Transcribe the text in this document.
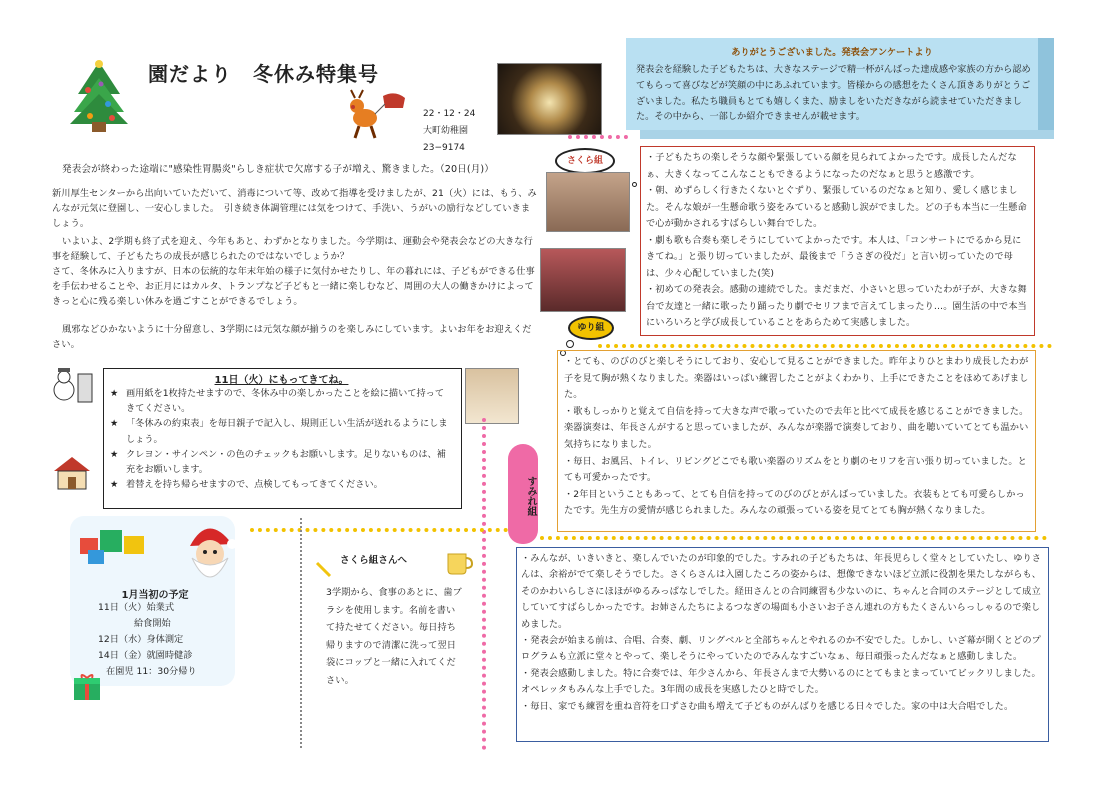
園だより　冬休み特集号
22・12・24
大町幼稚園
23−9174
ありがとうございました。発表会アンケートより
発表会を経験した子どもたちは、大きなステージで精一杯がんばった達成感や家族の方から認めてもらって喜びなどが笑顔の中にあふれています。皆様からの感想をたくさん頂きありがとうございました。私たち職員もとても嬉しくまた、励ましをいただきながら読ませていただきました。その中から、一部しか紹介できませんが載せます。
発表会が終わった途端に"感染性胃腸炎"らしき症状で欠席する子が増え、驚きました。（20日(月)）
新川厚生センターから出向いていただいて、消毒について等、改めて指導を受けましたが、21（火）には、もう、みんなが元気に登園し、一安心しました。　引き続き体調管理には気をつけて、手洗い、うがいの励行などしていきましょう。
いよいよ、2学期も終了式を迎え、今年もあと、わずかとなりました。今学期は、運動会や発表会などの大きな行事を経験して、子どもたちの成長が感じられたのではないでしょうか？
さて、冬休みに入りますが、日本の伝統的な年末年始の様子に気付かせたりし、年の暮れには、子どもができる仕事を手伝わせることや、お正月にはカルタ、トランプなど子どもと一緒に楽しむなど、周囲の大人の働きかけによってきっと心に残る楽しい休みを過ごすことができるでしょう。
風邪などひかないように十分留意し、3学期には元気な顔が揃うのを楽しみにしています。よいお年をお迎えください。
11日（火）にもってきてね。
★ 画用紙を1枚持たせますので、冬休み中の楽しかったことを絵に描いて持ってきてください。
★ 「冬休みの約束表」を毎日親子で記入し、規則正しい生活が送れるようにしましょう。
★ クレヨン・サインペン・の色のチェックもお願いします。足りないものは、補充をお願いします。
★ 着替えを持ち帰らせますので、点検してもってきてください。
1月当初の予定
11日（火）始業式
給食開始
12日（水）身体測定
14日（金）就園時健診
在園児 11：30分帰り
さくら組さんへ
3学期から、食事のあとに、歯ブラシを使用します。名前を書いて持たせてください。毎日持ち帰りますので清潔に洗って翌日袋にコップと一緒に入れてください。
さくら組	・子どもたちの楽しそうな顔や緊張している顔を見られてよかったです。成長したんだなぁ、大きくなってこんなこともできるようになったのだなぁと思うと感激です。
・朝、めずらしく行きたくないとぐずり、緊張しているのだなぁと知り、愛しく感じました。そんな娘が一生懸命歌う姿をみていると感動し涙がでました。どの子も本当に一生懸命で心が動かされるすばらしい舞台でした。
・劇も歌も合奏も楽しそうにしていてよかったです。本人は、「コンサートにでるから見にきてね。」と張り切っていましたが、最後まで「うさぎの役だ」と言い切っていたので母は、少々心配していました(笑)
・初めての発表会。感動の連続でした。まだまだ、小さいと思っていたわが子が、大きな舞台で友達と一緒に歌ったり踊ったり劇でセリフまで言えてしまったり…。園生活の中で本当にいろいろと学び成長していることをあらためて実感しました。
ゆり組
・とても、のびのびと楽しそうにしており、安心して見ることができました。昨年よりひとまわり成長したわが子を見て胸が熱くなりました。楽器はいっぱい練習したことがよくわかり、上手にできたことをほめてあげました。
・歌もしっかりと覚えて自信を持って大きな声で歌っていたので去年と比べて成長を感じることができました。楽器演奏は、年長さんがすると思っていましたが、みんなが楽器で演奏しており、曲を聴いていてとても温かい気持ちになりました。
・毎日、お風呂、トイレ、リビングどこでも歌い楽器のリズムをとり劇のセリフを言い張り切っていました。とても可愛かったです。
・2年目ということもあって、とても自信を持ってのびのびとがんばっていました。衣装もとても可愛らしかったです。先生方の愛情が感じられました。みんなの頑張っている姿を見てとても胸が熱くなりました。
すみれ組
・みんなが、いきいきと、楽しんでいたのが印象的でした。すみれの子どもたちは、年長児らしく堂々としていたし、ゆりさんは、余裕がでて楽しそうでした。さくらさんは入園したころの姿からは、想像できないほど立派に役割を果たしながらも、そのかわいらしさにほほがゆるみっぱなしでした。経田さんとの合同練習も少ないのに、ちゃんと合同のステージとして成立していてすばらしかったです。お姉さんたちによるつなぎの場面も小さいお子さん連れの方もたくさんいらっしゃるので楽しめました。
・発表会が始まる前は、合唱、合奏、劇、リングベルと全部ちゃんとやれるのか不安でした。しかし、いざ幕が開くとどのプログラムも立派に堂々とやって、楽しそうにやっていたのでみんなすごいなぁ、毎日頑張ったんだなぁと感動しました。
・発表会感動しました。特に合奏では、年少さんから、年長さんまで大勢いるのにとてもまとまっていてビックリしました。オペレッタもみんな上手でした。3年間の成長を実感したひと時でした。
・毎日、家でも練習を重ね音符を口ずさむ曲も増えて子どものがんばりを感じる日々でした。家の中は大合唱でした。
